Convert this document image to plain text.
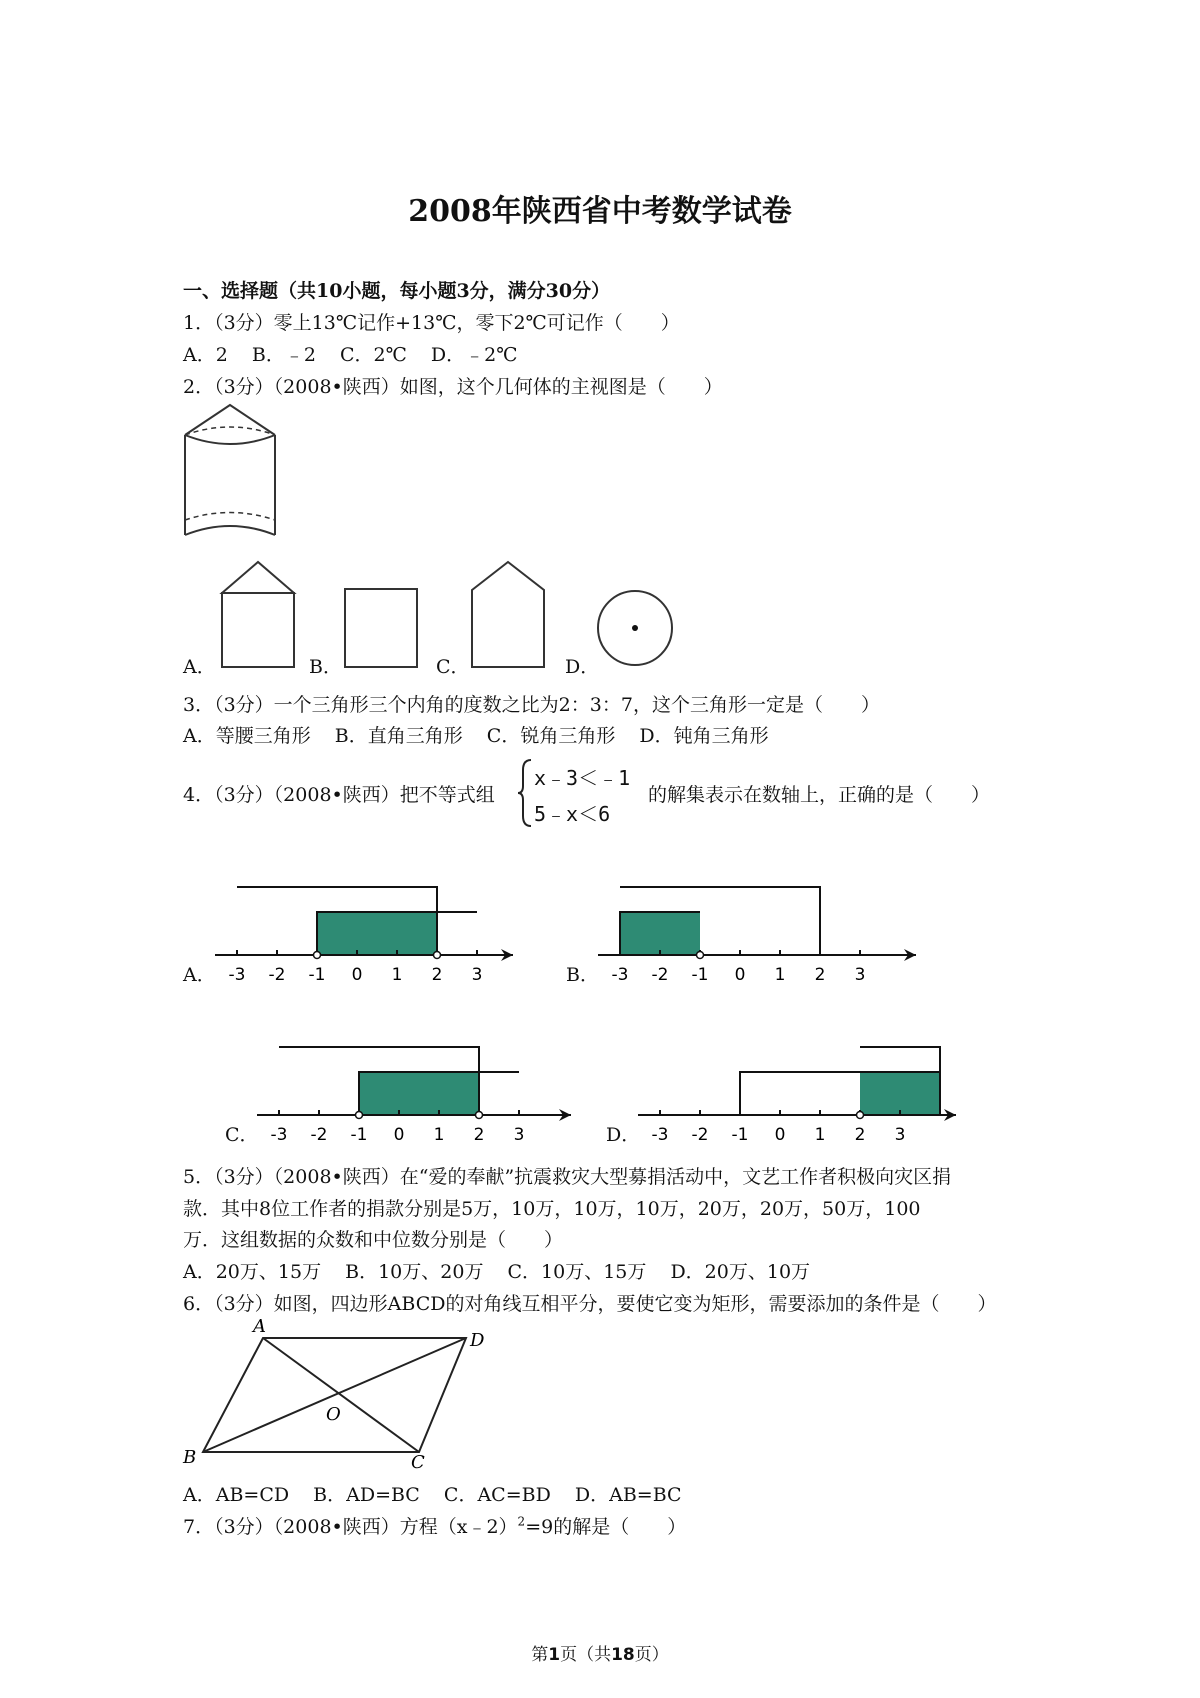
2008年陕西省中考数学试卷
一、选择题（共10小题，每小题3分，满分30分）
1．（3分）零上13℃记作+13℃，零下2℃可记作（　　）
A．2 B．﹣2 C．2℃ D．﹣2℃
2．（3分）（2008•陕西）如图，这个几何体的主视图是（　　）
A．	B．	C．	D．
3．（3分）一个三角形三个内角的度数之比为2：3：7，这个三角形一定是（　　）
A．等腰三角形 B．直角三角形 C．锐角三角形 D．钝角三角形
4．（3分）（2008•陕西）把不等式组
x﹣3＜﹣1
5﹣x＜6
的解集表示在数轴上，正确的是（　　）
A． -3 -2 -1 0 1 2 3	B． -3 -2 -1 0 1 2 3
C． -3 -2 -1 0 1 2 3	D． -3 -2 -1 0 1 2 3
5．（3分）（2008•陕西）在“爱的奉献”抗震救灾大型募捐活动中，文艺工作者积极向灾区捐
款．其中8位工作者的捐款分别是5万，10万，10万，10万，20万，20万，50万，100
万．这组数据的众数和中位数分别是（　　）
A．20万、15万 B．10万、20万 C．10万、15万 D．20万、10万
6．（3分）如图，四边形ABCD的对角线互相平分，要使它变为矩形，需要添加的条件是（　　）
A
D
O
B	C
A．AB=CD B．AD=BC C．AC=BD D．AB=BC
7．（3分）（2008•陕西）方程（x﹣2）$^2$=9的解是（　　）
第1页（共18页）
